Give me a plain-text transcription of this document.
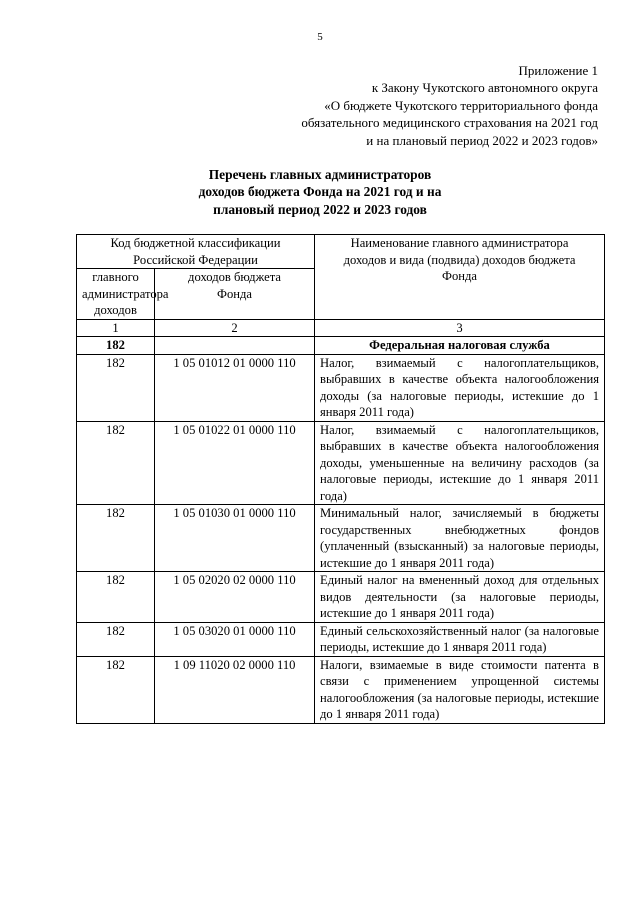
5
Приложение 1
к Закону Чукотского автономного округа
«О бюджете Чукотского территориального фонда
обязательного медицинского страхования на 2021 год
и на плановый период 2022 и 2023 годов»
Перечень главных администраторов
доходов бюджета Фонда на 2021 год и на
плановый период 2022 и 2023 годов
Код бюджетной классификации Российской Федерации		Наименование главного администратора доходов и вида (подвида) доходов бюджета Фонда
главного администратора доходов	доходов бюджета Фонда	
1	2	3
182		Федеральная налоговая служба
182	1 05 01012 01 0000 110	Налог, взимаемый с налогоплательщиков, выбравших в качестве объекта налогообложения доходы (за налоговые периоды, истекшие до 1 января 2011 года)
182	1 05 01022 01 0000 110	Налог, взимаемый с налогоплательщиков, выбравших в качестве объекта налогообложения доходы, уменьшенные на величину расходов (за налоговые периоды, истекшие до 1 января 2011 года)
182	1 05 01030 01 0000 110	Минимальный налог, зачисляемый в бюджеты государственных внебюджетных фондов (уплаченный (взысканный) за налоговые периоды, истекшие до 1 января 2011 года)
182	1 05 02020 02 0000 110	Единый налог на вмененный доход для отдельных видов деятельности (за налоговые периоды, истекшие до 1 января 2011 года)
182	1 05 03020 01 0000 110	Единый сельскохозяйственный налог (за налоговые периоды, истекшие до 1 января 2011 года)
182	1 09 11020 02 0000 110	Налоги, взимаемые в виде стоимости патента в связи с применением упрощенной системы налогообложения (за налоговые периоды, истекшие до 1 января 2011 года)
